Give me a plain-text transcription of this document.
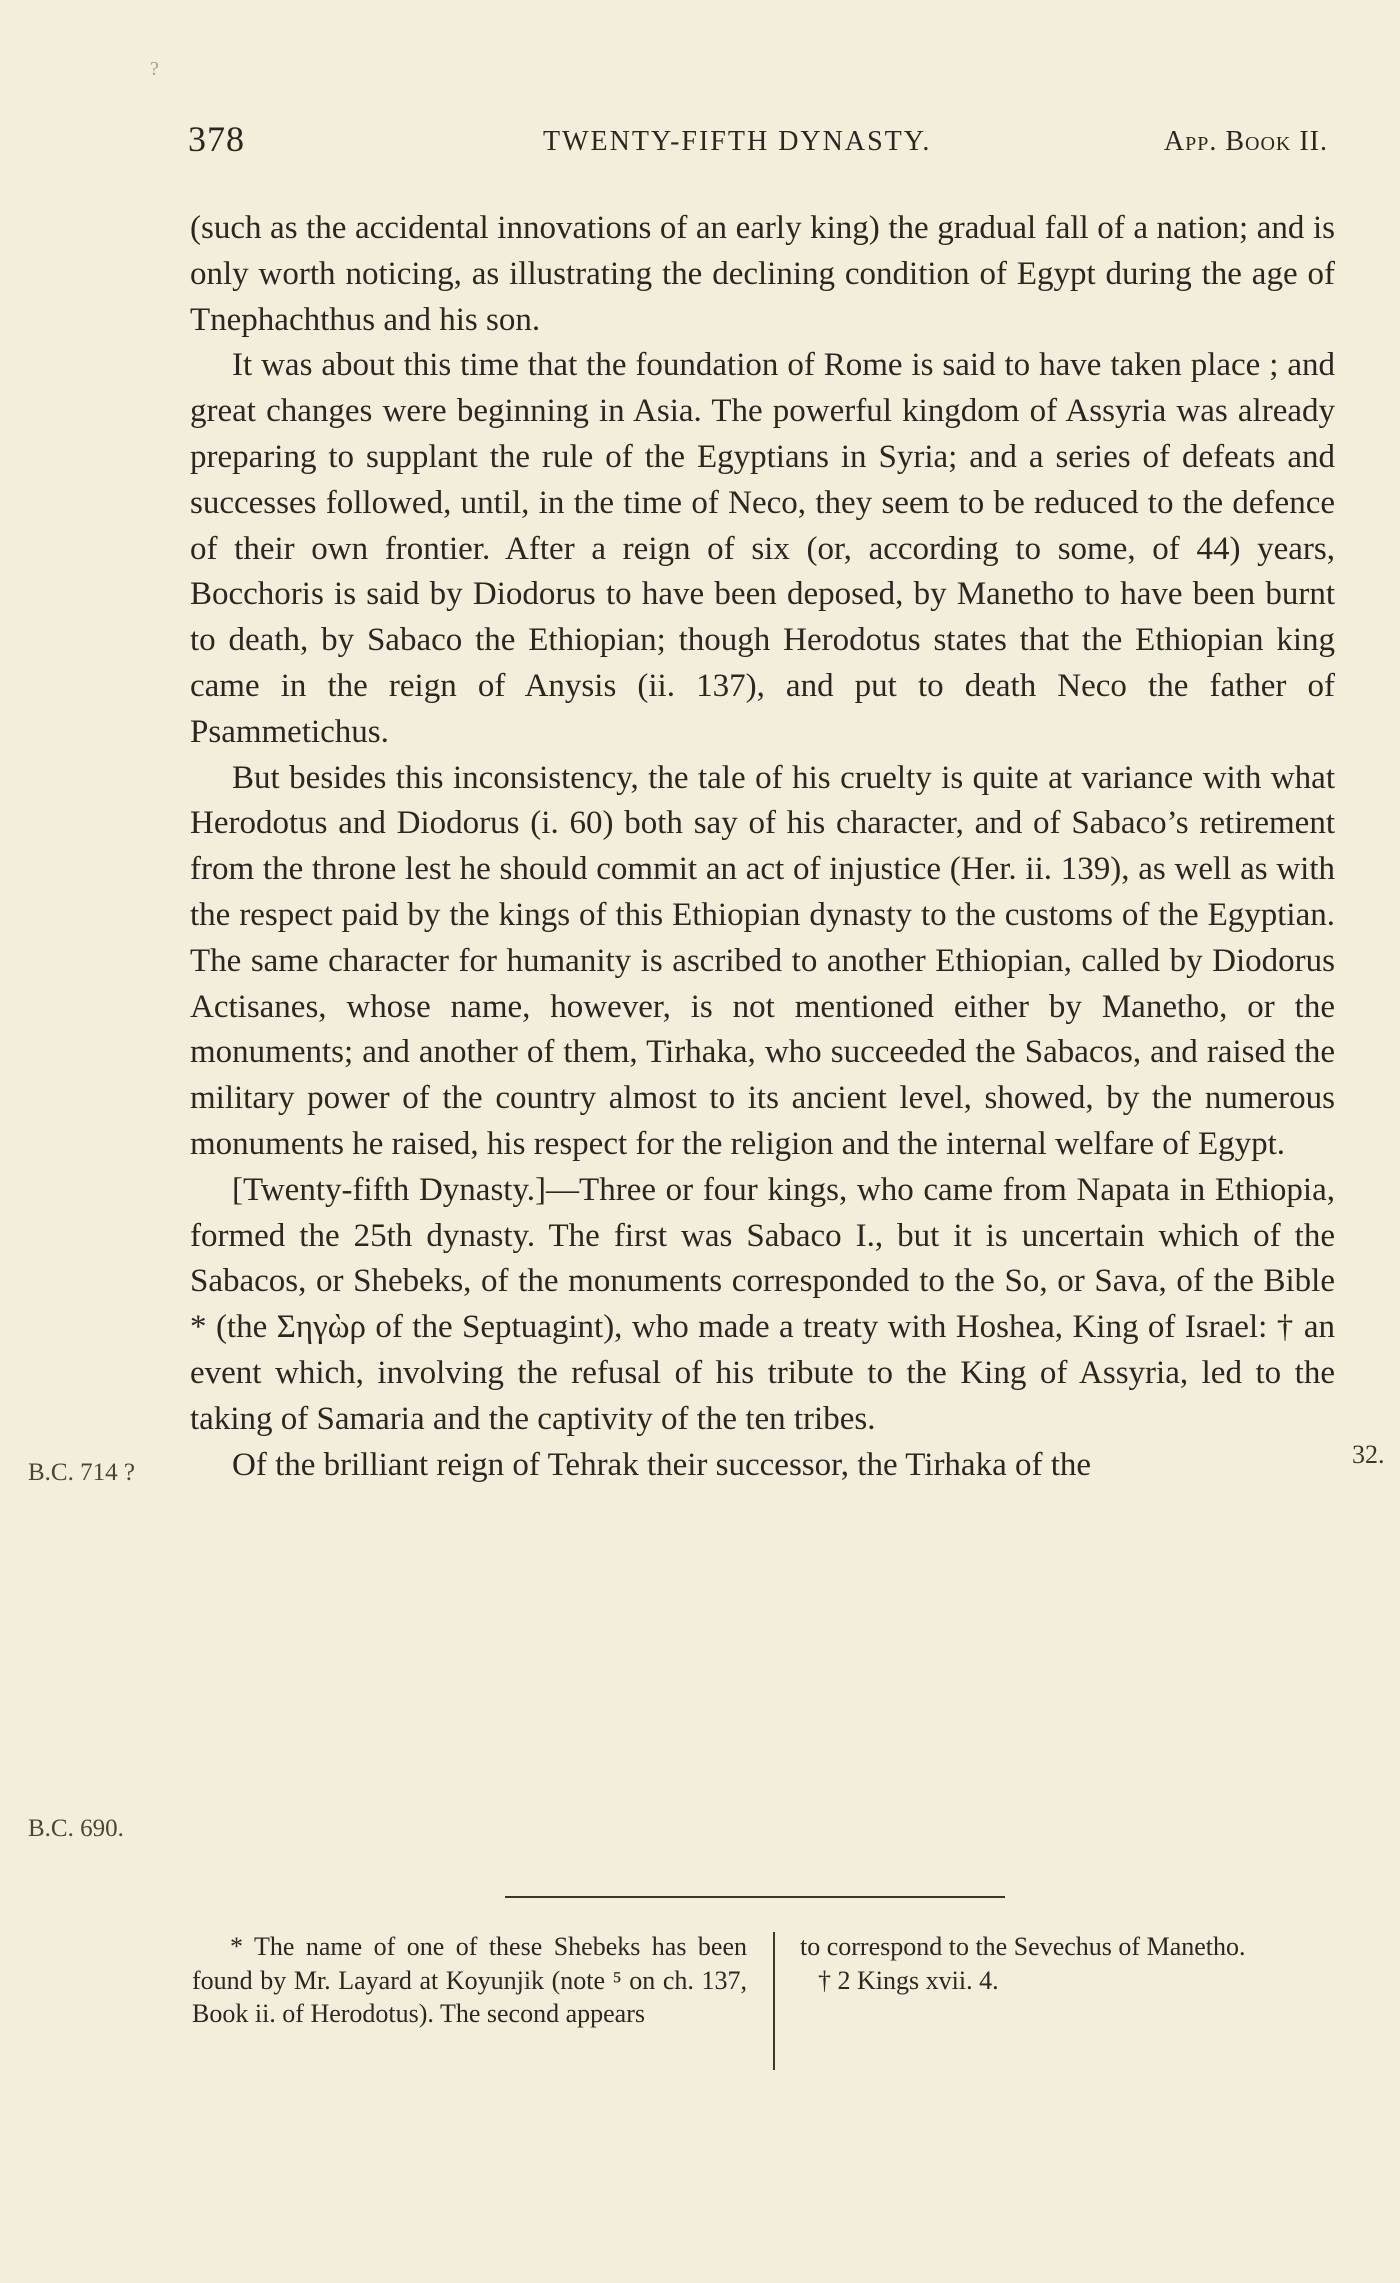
?
378	TWENTY-FIFTH DYNASTY.	App. Book II.

(such as the accidental innovations of an early king) the gradual fall of a nation; and is only worth noticing, as illustrating the declining condition of Egypt during the age of Tnephachthus and his son.

It was about this time that the foundation of Rome is said to have taken place ; and great changes were beginning in Asia. The powerful kingdom of Assyria was already preparing to supplant the rule of the Egyptians in Syria; and a series of defeats and successes followed, until, in the time of Neco, they seem to be reduced to the defence of their own frontier. After a reign of six (or, according to some, of 44) years, Bocchoris is said by Diodorus to have been deposed, by Manetho to have been burnt to death, by Sabaco the Ethiopian; though Herodotus states that the Ethiopian king came in the reign of Anysis (ii. 137), and put to death Neco the father of Psammetichus.

But besides this inconsistency, the tale of his cruelty is quite at variance with what Herodotus and Diodorus (i. 60) both say of his character, and of Sabaco’s retirement from the throne lest he should commit an act of injustice (Her. ii. 139), as well as with the respect paid by the kings of this Ethiopian dynasty to the customs of the Egyptian. The same character for humanity is ascribed to another Ethiopian, called by Diodorus Actisanes, whose name, however, is not mentioned either by Manetho, or the monuments; and another of them, Tirhaka, who succeeded the Sabacos, and raised the military power of the country almost to its ancient level, showed, by the numerous monuments he raised, his respect for the religion and the internal welfare of Egypt.

[Twenty-fifth Dynasty.]—Three or four kings, who came from Napata in Ethiopia, formed the 25th dynasty. The first was Sabaco I., but it is uncertain which of the Sabacos, or Shebeks, of the monuments corresponded to the So, or Sava, of the Bible * (the Σηγὼρ of the Septuagint), who made a treaty with Hoshea, King of Israel: † an event which, involving the refusal of his tribute to the King of Assyria, led to the taking of Samaria and the captivity of the ten tribes.

Of the brilliant reign of Tehrak their successor, the Tirhaka of the

B.C. 714 ?
B.C. 690.
32.

* The name of one of these Shebeks has been found by Mr. Layard at Koyunjik (note ⁵ on ch. 137, Book ii. of Herodotus). The second appears

to correspond to the Sevechus of Manetho.

† 2 Kings xvii. 4.
